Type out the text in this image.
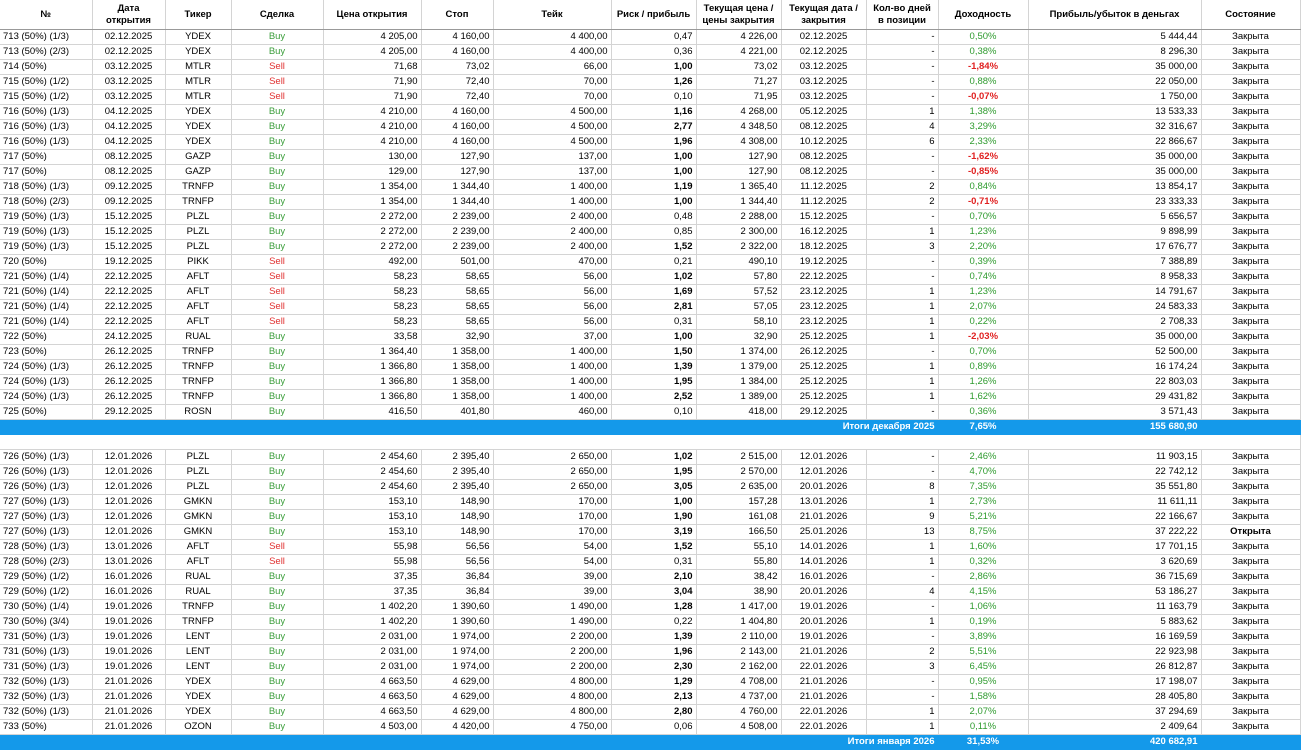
№	Дата открытия	Тикер	Сделка	Цена открытия	Стоп	Тейк	Риск / прибыль	Текущая цена / цены закрытия	Текущая дата / закрытия	Кол-во дней в позиции	Доходность	Прибыль/убыток в деньгах	Состояние
713 (50%) (1/3)	02.12.2025	YDEX	Buy	4 205,00	4 160,00	4 400,00	0,47	4 226,00	02.12.2025	-	0,50%	5 444,44	Закрыта
713 (50%) (2/3)	02.12.2025	YDEX	Buy	4 205,00	4 160,00	4 400,00	0,36	4 221,00	02.12.2025	-	0,38%	8 296,30	Закрыта
714 (50%)	03.12.2025	MTLR	Sell	71,68	73,02	66,00	1,00	73,02	03.12.2025	-	-1,84%	35 000,00	Закрыта
715 (50%) (1/2)	03.12.2025	MTLR	Sell	71,90	72,40	70,00	1,26	71,27	03.12.2025	-	0,88%	22 050,00	Закрыта
715 (50%) (1/2)	03.12.2025	MTLR	Sell	71,90	72,40	70,00	0,10	71,95	03.12.2025	-	-0,07%	1 750,00	Закрыта
716 (50%) (1/3)	04.12.2025	YDEX	Buy	4 210,00	4 160,00	4 500,00	1,16	4 268,00	05.12.2025	1	1,38%	13 533,33	Закрыта
716 (50%) (1/3)	04.12.2025	YDEX	Buy	4 210,00	4 160,00	4 500,00	2,77	4 348,50	08.12.2025	4	3,29%	32 316,67	Закрыта
716 (50%) (1/3)	04.12.2025	YDEX	Buy	4 210,00	4 160,00	4 500,00	1,96	4 308,00	10.12.2025	6	2,33%	22 866,67	Закрыта
717 (50%)	08.12.2025	GAZP	Buy	130,00	127,90	137,00	1,00	127,90	08.12.2025	-	-1,62%	35 000,00	Закрыта
717 (50%)	08.12.2025	GAZP	Buy	129,00	127,90	137,00	1,00	127,90	08.12.2025	-	-0,85%	35 000,00	Закрыта
718 (50%) (1/3)	09.12.2025	TRNFP	Buy	1 354,00	1 344,40	1 400,00	1,19	1 365,40	11.12.2025	2	0,84%	13 854,17	Закрыта
718 (50%) (2/3)	09.12.2025	TRNFP	Buy	1 354,00	1 344,40	1 400,00	1,00	1 344,40	11.12.2025	2	-0,71%	23 333,33	Закрыта
719 (50%) (1/3)	15.12.2025	PLZL	Buy	2 272,00	2 239,00	2 400,00	0,48	2 288,00	15.12.2025	-	0,70%	5 656,57	Закрыта
719 (50%) (1/3)	15.12.2025	PLZL	Buy	2 272,00	2 239,00	2 400,00	0,85	2 300,00	16.12.2025	1	1,23%	9 898,99	Закрыта
719 (50%) (1/3)	15.12.2025	PLZL	Buy	2 272,00	2 239,00	2 400,00	1,52	2 322,00	18.12.2025	3	2,20%	17 676,77	Закрыта
720 (50%)	19.12.2025	PIKK	Sell	492,00	501,00	470,00	0,21	490,10	19.12.2025	-	0,39%	7 388,89	Закрыта
721 (50%) (1/4)	22.12.2025	AFLT	Sell	58,23	58,65	56,00	1,02	57,80	22.12.2025	-	0,74%	8 958,33	Закрыта
721 (50%) (1/4)	22.12.2025	AFLT	Sell	58,23	58,65	56,00	1,69	57,52	23.12.2025	1	1,23%	14 791,67	Закрыта
721 (50%) (1/4)	22.12.2025	AFLT	Sell	58,23	58,65	56,00	2,81	57,05	23.12.2025	1	2,07%	24 583,33	Закрыта
721 (50%) (1/4)	22.12.2025	AFLT	Sell	58,23	58,65	56,00	0,31	58,10	23.12.2025	1	0,22%	2 708,33	Закрыта
722 (50%)	24.12.2025	RUAL	Buy	33,58	32,90	37,00	1,00	32,90	25.12.2025	1	-2,03%	35 000,00	Закрыта
723 (50%)	26.12.2025	TRNFP	Buy	1 364,40	1 358,00	1 400,00	1,50	1 374,00	26.12.2025	-	0,70%	52 500,00	Закрыта
724 (50%) (1/3)	26.12.2025	TRNFP	Buy	1 366,80	1 358,00	1 400,00	1,39	1 379,00	25.12.2025	1	0,89%	16 174,24	Закрыта
724 (50%) (1/3)	26.12.2025	TRNFP	Buy	1 366,80	1 358,00	1 400,00	1,95	1 384,00	25.12.2025	1	1,26%	22 803,03	Закрыта
724 (50%) (1/3)	26.12.2025	TRNFP	Buy	1 366,80	1 358,00	1 400,00	2,52	1 389,00	25.12.2025	1	1,62%	29 431,82	Закрыта
725 (50%)	29.12.2025	ROSN	Buy	416,50	401,80	460,00	0,10	418,00	29.12.2025	-	0,36%	3 571,43	Закрыта
Итоги декабря 2025											7,65%	155 680,90	

726 (50%) (1/3)	12.01.2026	PLZL	Buy	2 454,60	2 395,40	2 650,00	1,02	2 515,00	12.01.2026	-	2,46%	11 903,15	Закрыта
726 (50%) (1/3)	12.01.2026	PLZL	Buy	2 454,60	2 395,40	2 650,00	1,95	2 570,00	12.01.2026	-	4,70%	22 742,12	Закрыта
726 (50%) (1/3)	12.01.2026	PLZL	Buy	2 454,60	2 395,40	2 650,00	3,05	2 635,00	20.01.2026	8	7,35%	35 551,80	Закрыта
727 (50%) (1/3)	12.01.2026	GMKN	Buy	153,10	148,90	170,00	1,00	157,28	13.01.2026	1	2,73%	11 611,11	Закрыта
727 (50%) (1/3)	12.01.2026	GMKN	Buy	153,10	148,90	170,00	1,90	161,08	21.01.2026	9	5,21%	22 166,67	Закрыта
727 (50%) (1/3)	12.01.2026	GMKN	Buy	153,10	148,90	170,00	3,19	166,50	25.01.2026	13	8,75%	37 222,22	Открыта
728 (50%) (1/3)	13.01.2026	AFLT	Sell	55,98	56,56	54,00	1,52	55,10	14.01.2026	1	1,60%	17 701,15	Закрыта
728 (50%) (2/3)	13.01.2026	AFLT	Sell	55,98	56,56	54,00	0,31	55,80	14.01.2026	1	0,32%	3 620,69	Закрыта
729 (50%) (1/2)	16.01.2026	RUAL	Buy	37,35	36,84	39,00	2,10	38,42	16.01.2026	-	2,86%	36 715,69	Закрыта
729 (50%) (1/2)	16.01.2026	RUAL	Buy	37,35	36,84	39,00	3,04	38,90	20.01.2026	4	4,15%	53 186,27	Закрыта
730 (50%) (1/4)	19.01.2026	TRNFP	Buy	1 402,20	1 390,60	1 490,00	1,28	1 417,00	19.01.2026	-	1,06%	11 163,79	Закрыта
730 (50%) (3/4)	19.01.2026	TRNFP	Buy	1 402,20	1 390,60	1 490,00	0,22	1 404,80	20.01.2026	1	0,19%	5 883,62	Закрыта
731 (50%) (1/3)	19.01.2026	LENT	Buy	2 031,00	1 974,00	2 200,00	1,39	2 110,00	19.01.2026	-	3,89%	16 169,59	Закрыта
731 (50%) (1/3)	19.01.2026	LENT	Buy	2 031,00	1 974,00	2 200,00	1,96	2 143,00	21.01.2026	2	5,51%	22 923,98	Закрыта
731 (50%) (1/3)	19.01.2026	LENT	Buy	2 031,00	1 974,00	2 200,00	2,30	2 162,00	22.01.2026	3	6,45%	26 812,87	Закрыта
732 (50%) (1/3)	21.01.2026	YDEX	Buy	4 663,50	4 629,00	4 800,00	1,29	4 708,00	21.01.2026	-	0,95%	17 198,07	Закрыта
732 (50%) (1/3)	21.01.2026	YDEX	Buy	4 663,50	4 629,00	4 800,00	2,13	4 737,00	21.01.2026	-	1,58%	28 405,80	Закрыта
732 (50%) (1/3)	21.01.2026	YDEX	Buy	4 663,50	4 629,00	4 800,00	2,80	4 760,00	22.01.2026	1	2,07%	37 294,69	Закрыта
733 (50%)	21.01.2026	OZON	Buy	4 503,00	4 420,00	4 750,00	0,06	4 508,00	22.01.2026	1	0,11%	2 409,64	Закрыта
Итоги января 2026											31,53%	420 682,91	
